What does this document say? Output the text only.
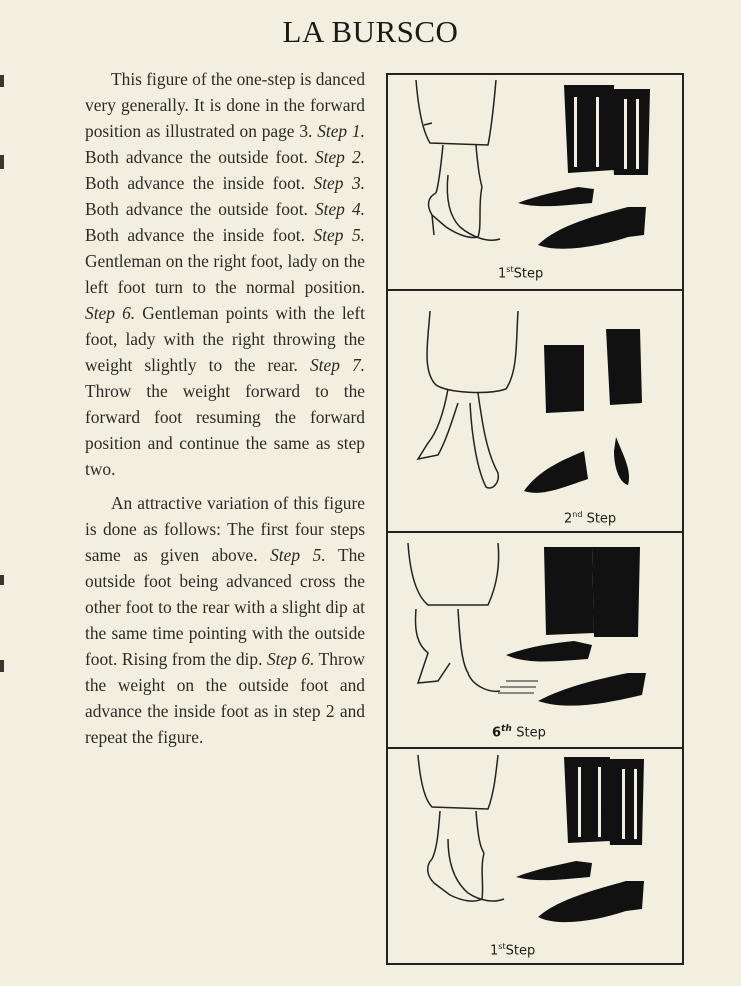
LA BURSCO

This figure of the one-step is danced very generally. It is done in the forward position as illustrated on page 3. Step 1. Both advance the outside foot. Step 2. Both advance the inside foot. Step 3. Both advance the outside foot. Step 4. Both advance the inside foot. Step 5. Gentleman on the right foot, lady on the left foot turn to the normal position. Step 6. Gentleman points with the left foot, lady with the right throwing the weight slightly to the rear. Step 7. Throw the weight forward to the forward foot resuming the forward position and continue the same as step two.

An attractive variation of this figure is done as follows: The first four steps same as given above. Step 5. The outside foot being advanced cross the other foot to the rear with a slight dip at the same time pointing with the outside foot. Rising from the dip. Step 6. Throw the weight on the outside foot and advance the inside foot as in step 2 and repeat the figure.

1stStep
2nd Step
6th Step
1stStep
